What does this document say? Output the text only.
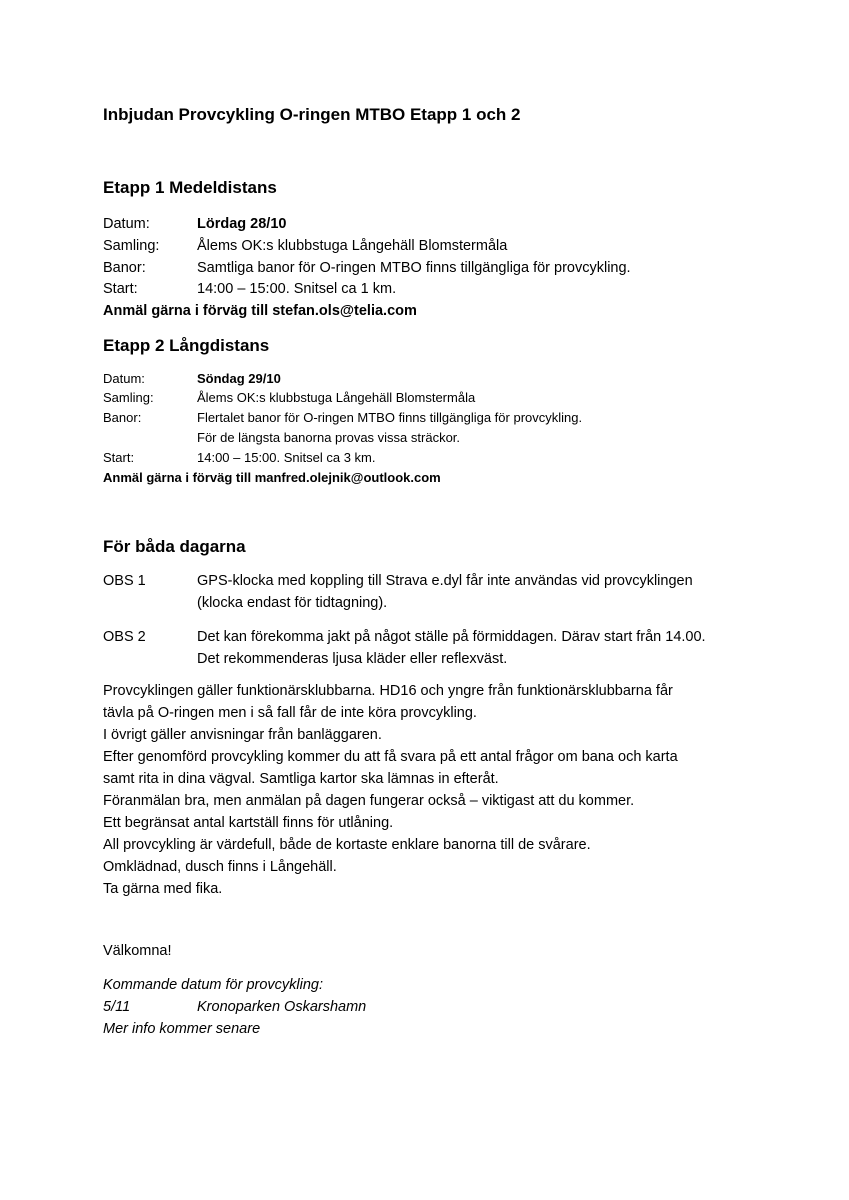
Inbjudan Provcykling O-ringen MTBO Etapp 1 och 2
Etapp 1 Medeldistans
Datum:	Lördag 28/10
Samling:	Ålems OK:s klubbstuga Långehäll Blomstermåla
Banor:	Samtliga banor för O-ringen MTBO finns tillgängliga för provcykling.
Start:	14:00 – 15:00. Snitsel ca 1 km.
Anmäl gärna i förväg till stefan.ols@telia.com
Etapp 2 Långdistans
Datum:	Söndag 29/10
Samling:	Ålems OK:s klubbstuga Långehäll Blomstermåla
Banor:	Flertalet banor för O-ringen MTBO finns tillgängliga för provcykling.
För de längsta banorna provas vissa sträckor.
Start:	14:00 – 15:00. Snitsel ca 3 km.
Anmäl gärna i förväg till manfred.olejnik@outlook.com
För båda dagarna
OBS 1	GPS-klocka med koppling till Strava e.dyl får inte användas vid provcyklingen
(klocka endast för tidtagning).
OBS 2	Det kan förekomma jakt på något ställe på förmiddagen. Därav start från 14.00.
Det rekommenderas ljusa kläder eller reflexväst.
Provcyklingen gäller funktionärsklubbarna. HD16 och yngre från funktionärsklubbarna får
tävla på O-ringen men i så fall får de inte köra provcykling.
I övrigt gäller anvisningar från banläggaren.
Efter genomförd provcykling kommer du att få svara på ett antal frågor om bana och karta
samt rita in dina vägval. Samtliga kartor ska lämnas in efteråt.
Föranmälan bra, men anmälan på dagen fungerar också – viktigast att du kommer.
Ett begränsat antal kartställ finns för utlåning.
All provcykling är värdefull, både de kortaste enklare banorna till de svårare.
Omklädnad, dusch finns i Långehäll.
Ta gärna med fika.
Välkomna!
Kommande datum för provcykling:
5/11	Kronoparken Oskarshamn
Mer info kommer senare
